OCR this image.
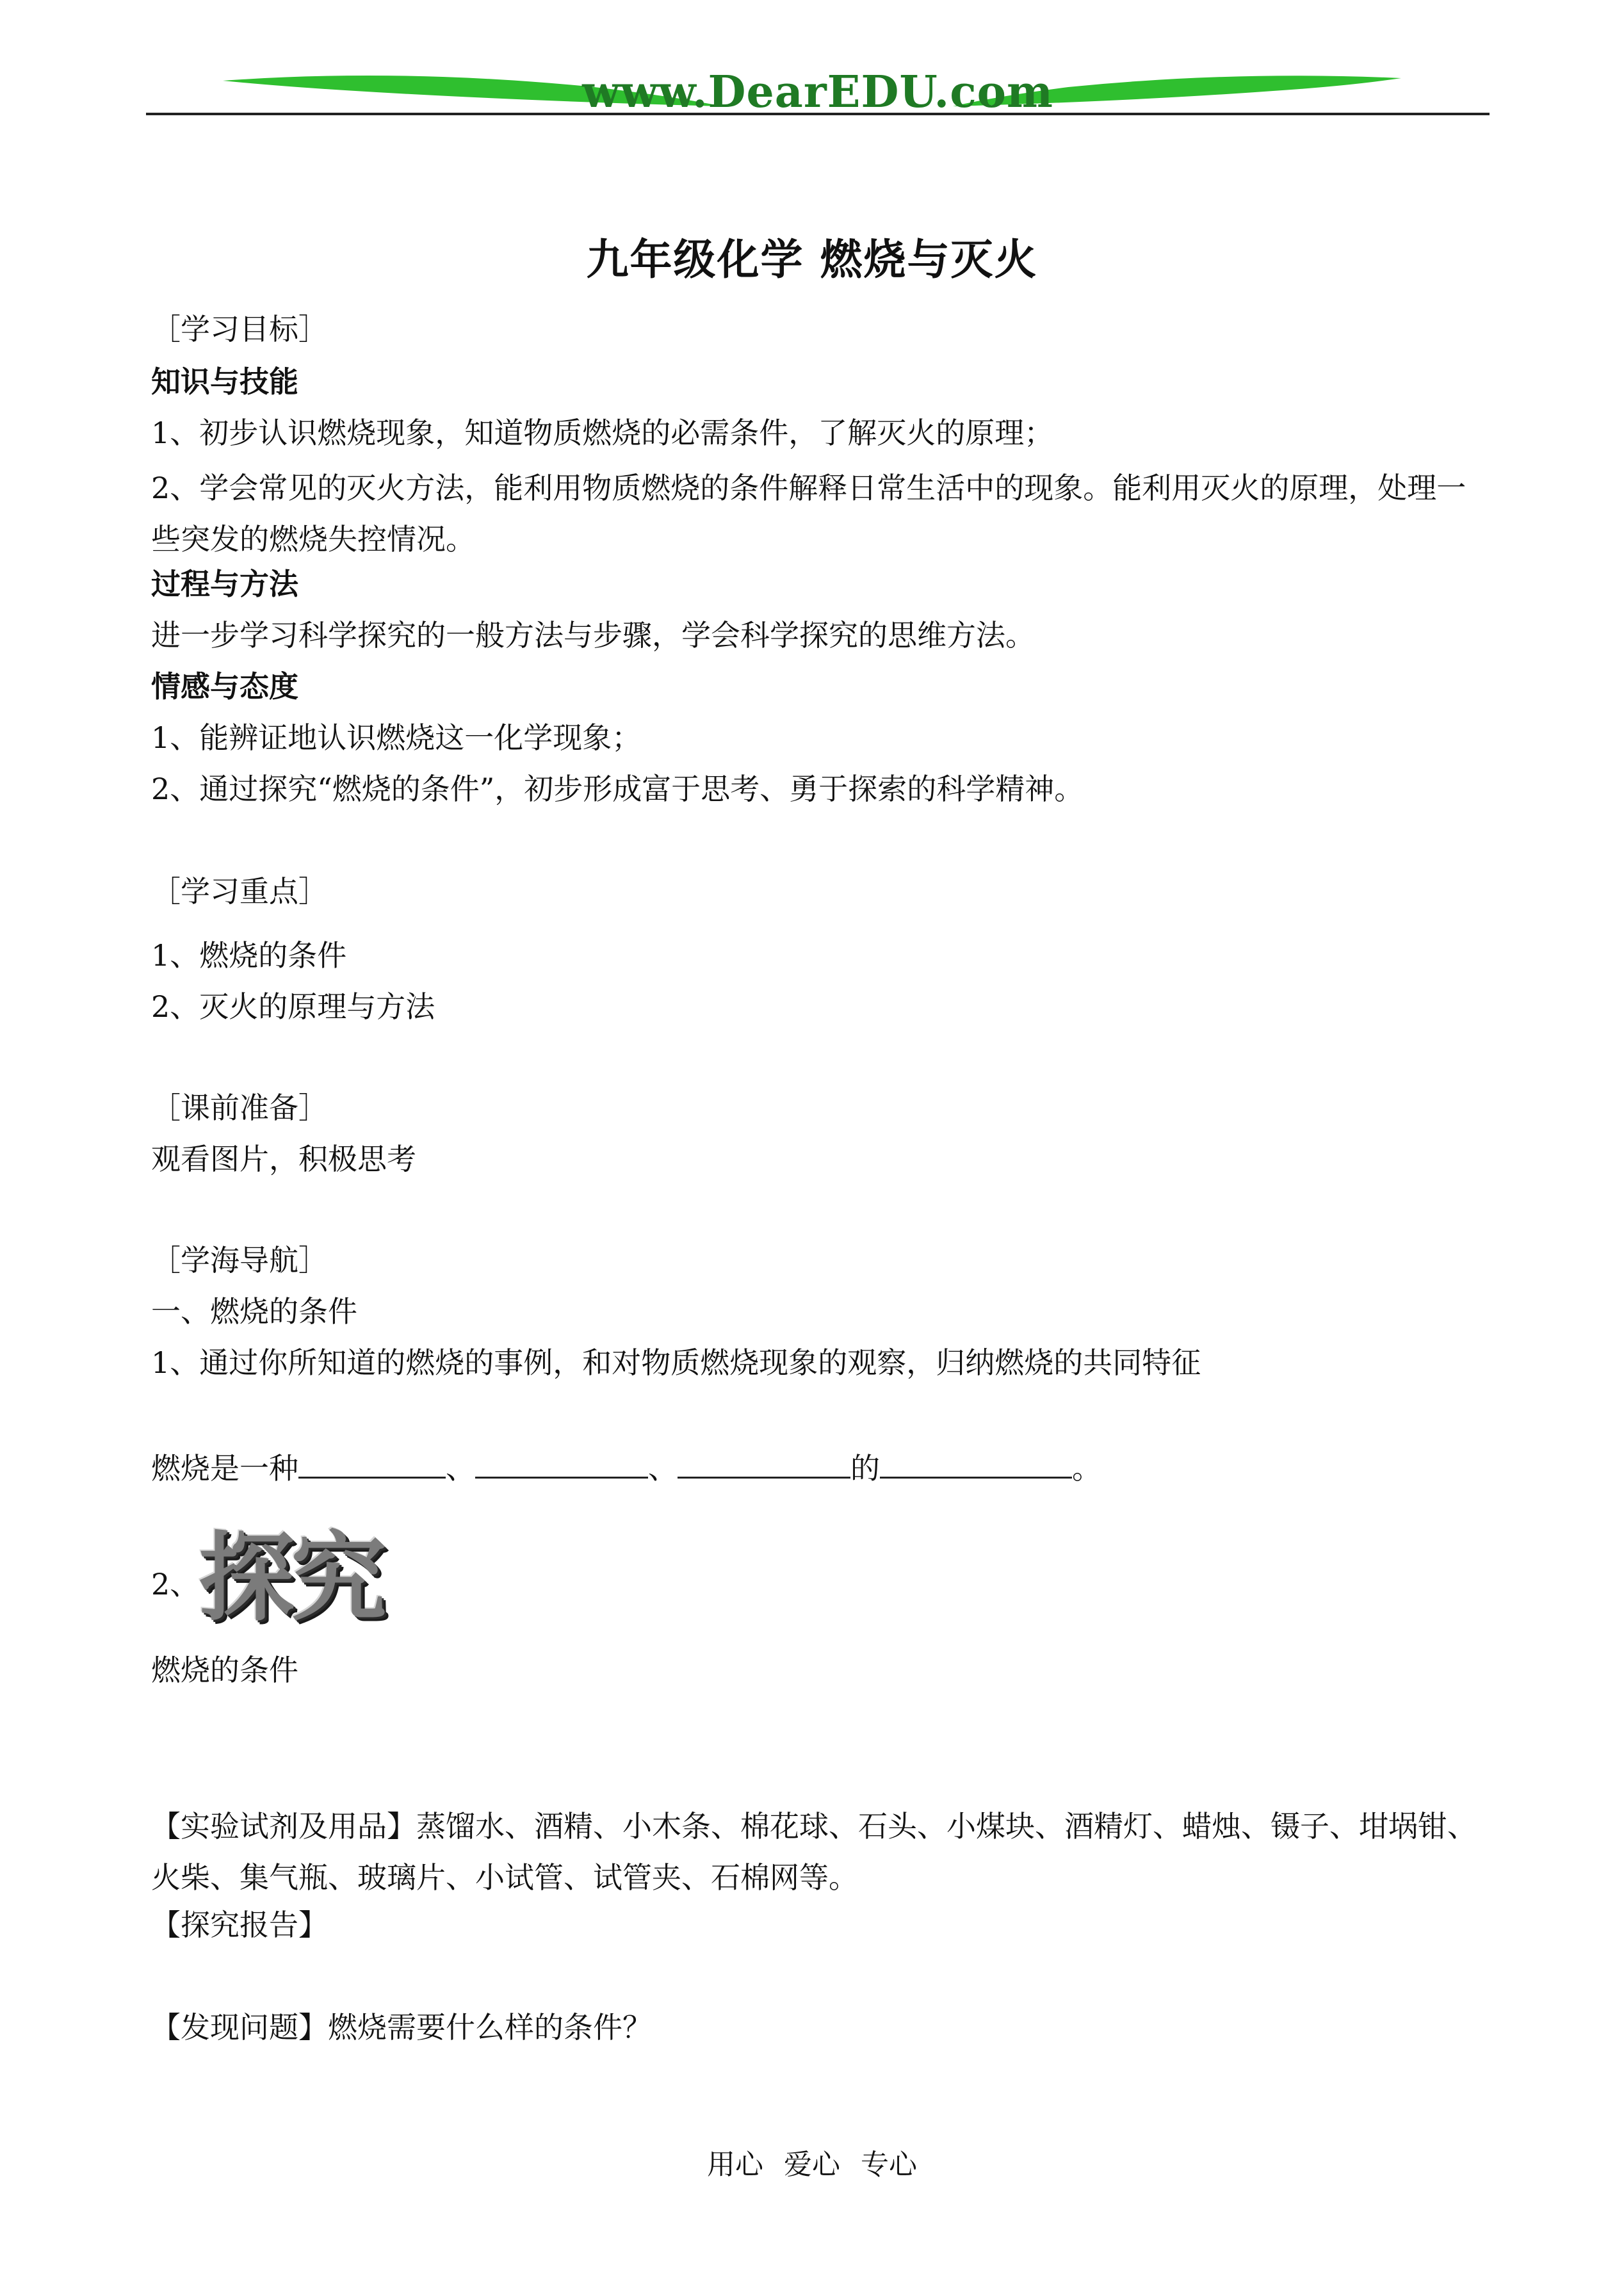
www.DearEDU.com
九年级化学 燃烧与灭火
［学习目标］
知识与技能
1、初步认识燃烧现象，知道物质燃烧的必需条件，了解灭火的原理；
2、学会常见的灭火方法，能利用物质燃烧的条件解释日常生活中的现象。能利用灭火的原理，处理一些突发的燃烧失控情况。
过程与方法
进一步学习科学探究的一般方法与步骤，学会科学探究的思维方法。
情感与态度
1、能辨证地认识燃烧这一化学现象；
2、通过探究“燃烧的条件”，初步形成富于思考、勇于探索的科学精神。
［学习重点］
1、燃烧的条件
2、灭火的原理与方法
［课前准备］
观看图片，积极思考
［学海导航］
一、燃烧的条件
1、通过你所知道的燃烧的事例，和对物质燃烧现象的观察，归纳燃烧的共同特征
燃烧是一种	、	、	的	。
2、
探究
燃烧的条件
【实验试剂及用品】蒸馏水、酒精、小木条、棉花球、石头、小煤块、酒精灯、蜡烛、镊子、坩埚钳、火柴、集气瓶、玻璃片、小试管、试管夹、石棉网等。
【探究报告】
【发现问题】燃烧需要什么样的条件？
用心 爱心 专心
